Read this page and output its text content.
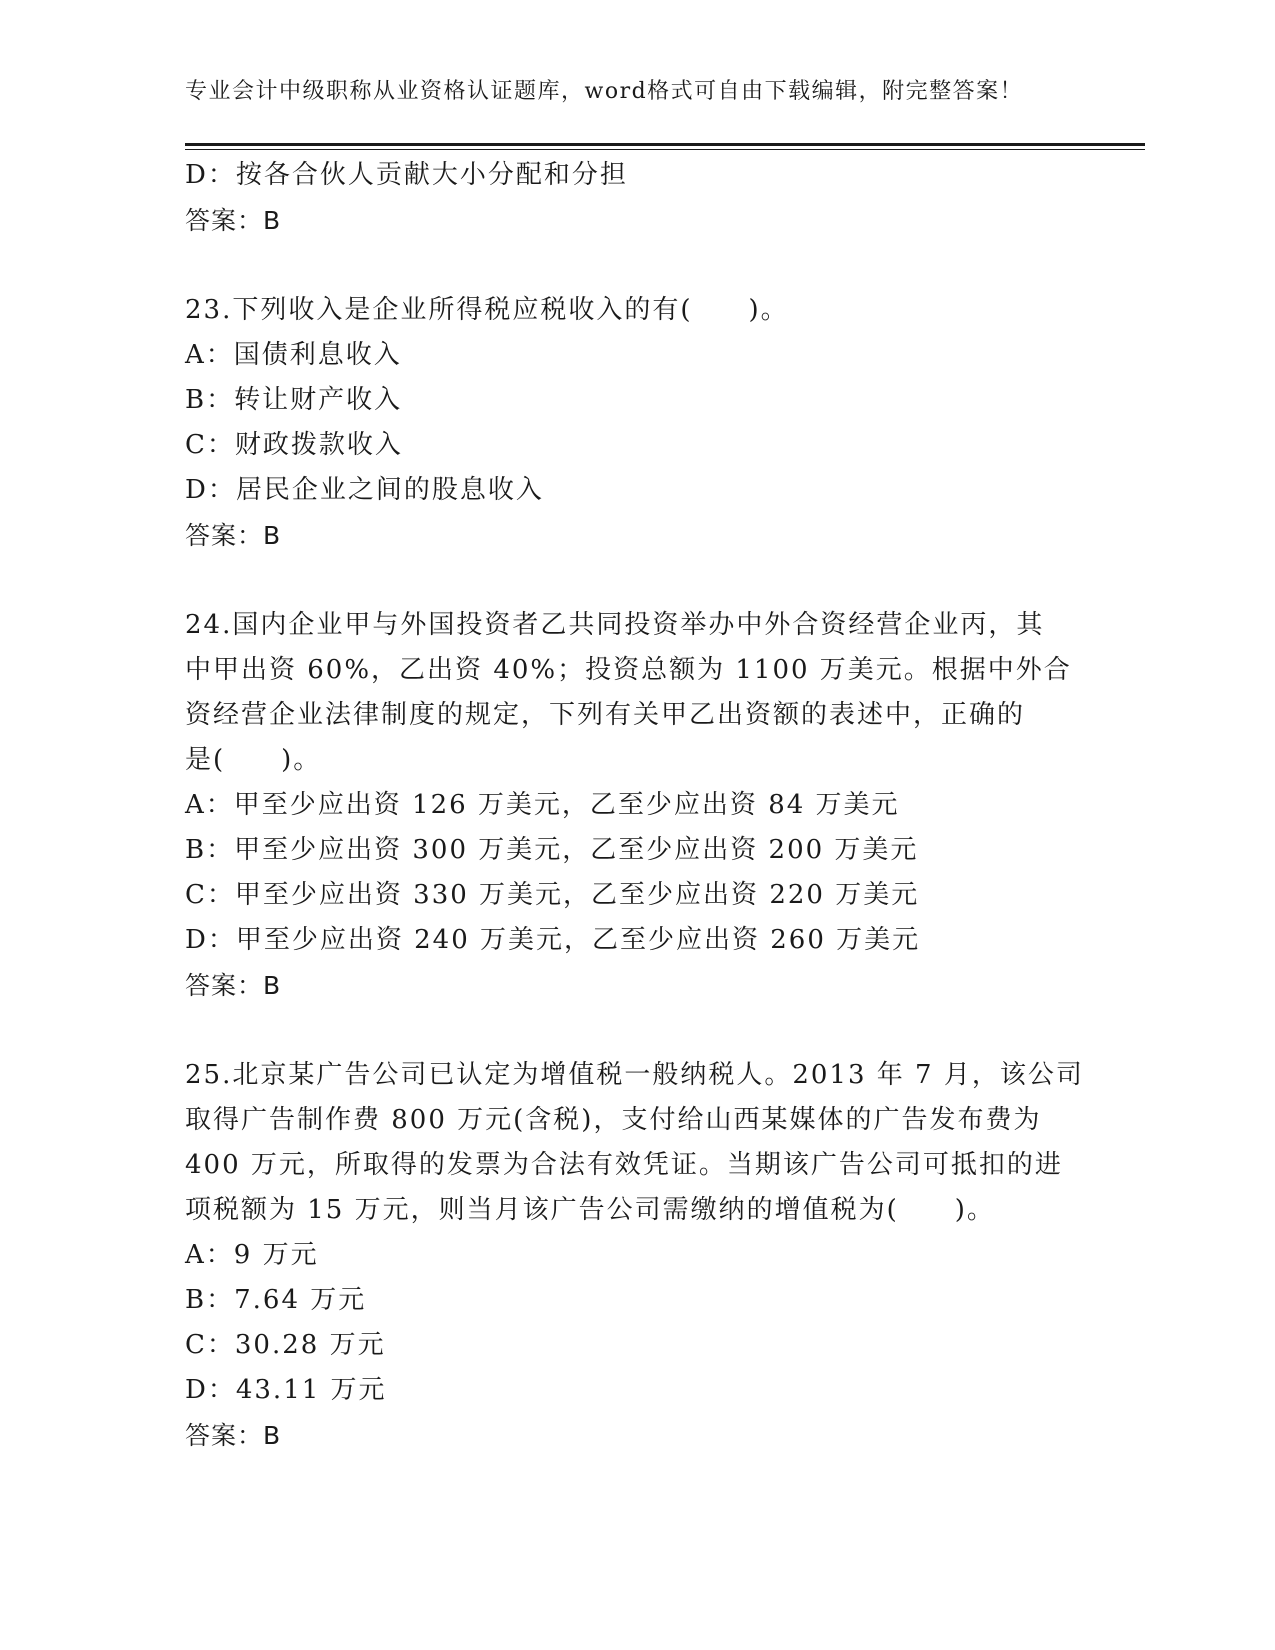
专业会计中级职称从业资格认证题库，word格式可自由下载编辑，附完整答案！
D：按各合伙人贡献大小分配和分担
答案：B
23.下列收入是企业所得税应税收入的有(　　)。
A：国债利息收入
B：转让财产收入
C：财政拨款收入
D：居民企业之间的股息收入
答案：B
24.国内企业甲与外国投资者乙共同投资举办中外合资经营企业丙，其
中甲出资 60%，乙出资 40%；投资总额为 1100 万美元。根据中外合
资经营企业法律制度的规定，下列有关甲乙出资额的表述中，正确的
是(　　)。
A：甲至少应出资 126 万美元，乙至少应出资 84 万美元
B：甲至少应出资 300 万美元，乙至少应出资 200 万美元
C：甲至少应出资 330 万美元，乙至少应出资 220 万美元
D：甲至少应出资 240 万美元，乙至少应出资 260 万美元
答案：B
25.北京某广告公司已认定为增值税一般纳税人。2013 年 7 月，该公司
取得广告制作费 800 万元(含税)，支付给山西某媒体的广告发布费为
400 万元，所取得的发票为合法有效凭证。当期该广告公司可抵扣的进
项税额为 15 万元，则当月该广告公司需缴纳的增值税为(　　)。
A：9 万元
B：7.64 万元
C：30.28 万元
D：43.11 万元
答案：B
